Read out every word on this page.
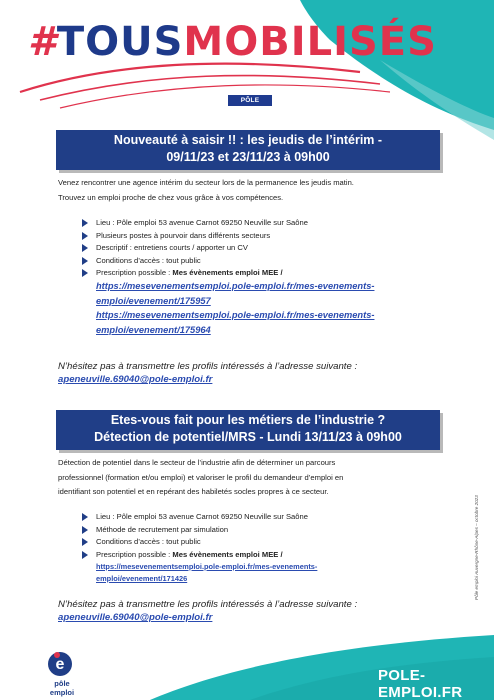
#TOUSMOBILISÉS
PÔLE EMPLOI
Nouveauté à saisir !! : les jeudis de l’intérim -
09/11/23 et 23/11/23 à 09h00
Venez rencontrer une agence intérim du secteur lors de la permanence les jeudis matin.
Trouvez un emploi proche de chez vous grâce à vos compétences.
Lieu : Pôle emploi 53 avenue Carnot 69250 Neuville sur Saône
Plusieurs postes à pourvoir dans différents secteurs
Descriptif : entretiens courts / apporter un CV
Conditions d’accès : tout public
Prescription possible : Mes évènements emploi MEE /
https://mesevenementsemploi.pole-emploi.fr/mes-evenements-
emploi/evenement/175957
https://mesevenementsemploi.pole-emploi.fr/mes-evenements-
emploi/evenement/175964
N’hésitez pas à transmettre les profils intéressés à l’adresse suivante :
apeneuville.69040@pole-emploi.fr
Etes-vous fait pour les métiers de l’industrie ?
Détection de potentiel/MRS - Lundi 13/11/23 à 09h00
Détection de potentiel dans le secteur de l’industrie afin de déterminer un parcours
professionnel (formation et/ou emploi) et valoriser le profil du demandeur d’emploi en
identifiant son potentiel et en repérant des habiletés socles propres à ce secteur.
Lieu : Pôle emploi 53 avenue Carnot 69250 Neuville sur Saône
Méthode de recrutement par simulation
Conditions d’accès : tout public
Prescription possible : Mes évènements emploi MEE /
https://mesevenementsemploi.pole-emploi.fr/mes-evenements-
emploi/evenement/171426
N’hésitez pas à transmettre les profils intéressés à l’adresse suivante :
apeneuville.69040@pole-emploi.fr
Pôle emploi Auvergne-Rhône-Alpes – octobre 2023
POLE-EMPLOI.FR
e
pôle emploi
